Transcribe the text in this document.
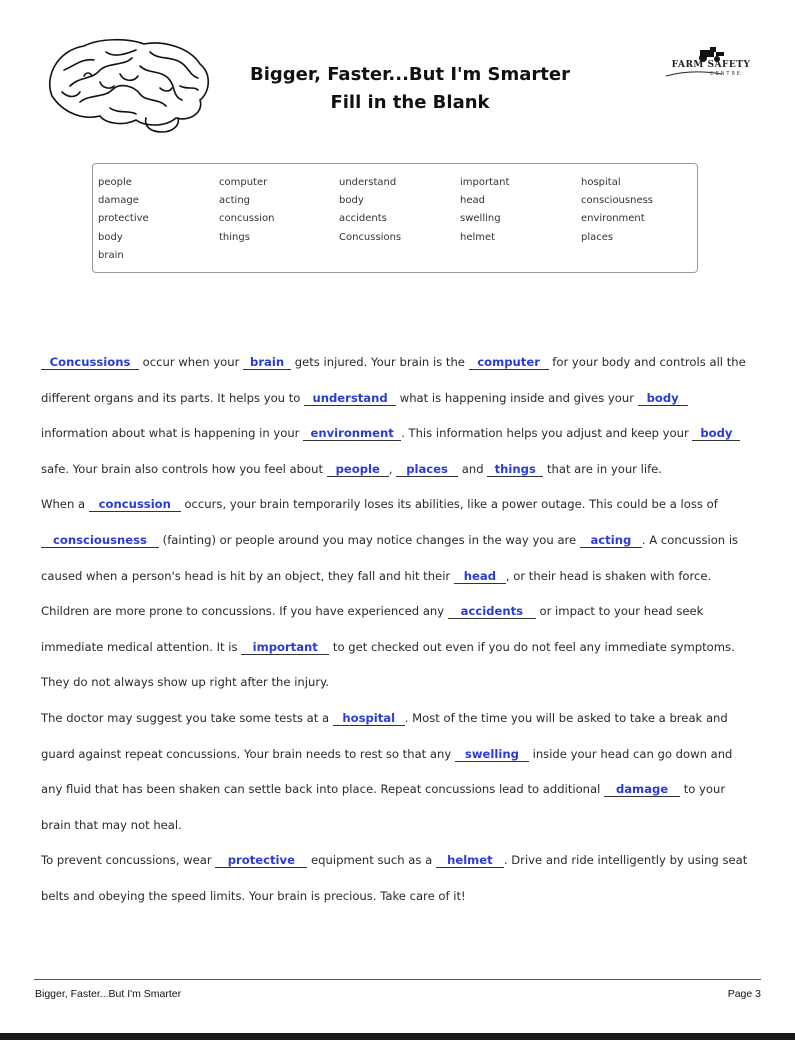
Bigger, Faster...But I'm Smarter
Fill in the Blank
FARM SAFETY
CENTRE
people
damage
protective
body
brain
computer
acting
concussion
things
understand
body
accidents
Concussions
important
head
swelling
helmet
hospital
consciousness
environment
places

Concussions occur when your brain gets injured. Your brain is the computer for your body and controls all the different organs and its parts. It helps you to understand what is happening inside and gives your body information about what is happening in your environment . This information helps you adjust and keep your body safe. Your brain also controls how you feel about people , places and things that are in your life.

When a concussion occurs, your brain temporarily loses its abilities, like a power outage. This could be a loss of consciousness (fainting) or people around you may notice changes in the way you are acting . A concussion is caused when a person's head is hit by an object, they fall and hit their head , or their head is shaken with force. Children are more prone to concussions. If you have experienced any accidents or impact to your head seek immediate medical attention. It is important to get checked out even if you do not feel any immediate symptoms. They do not always show up right after the injury.

The doctor may suggest you take some tests at a hospital . Most of the time you will be asked to take a break and guard against repeat concussions. Your brain needs to rest so that any swelling inside your head can go down and any fluid that has been shaken can settle back into place. Repeat concussions lead to additional damage to your brain that may not heal.

To prevent concussions, wear protective equipment such as a helmet . Drive and ride intelligently by using seat belts and obeying the speed limits. Your brain is precious. Take care of it!

Bigger, Faster...But I'm Smarter	Page 3
